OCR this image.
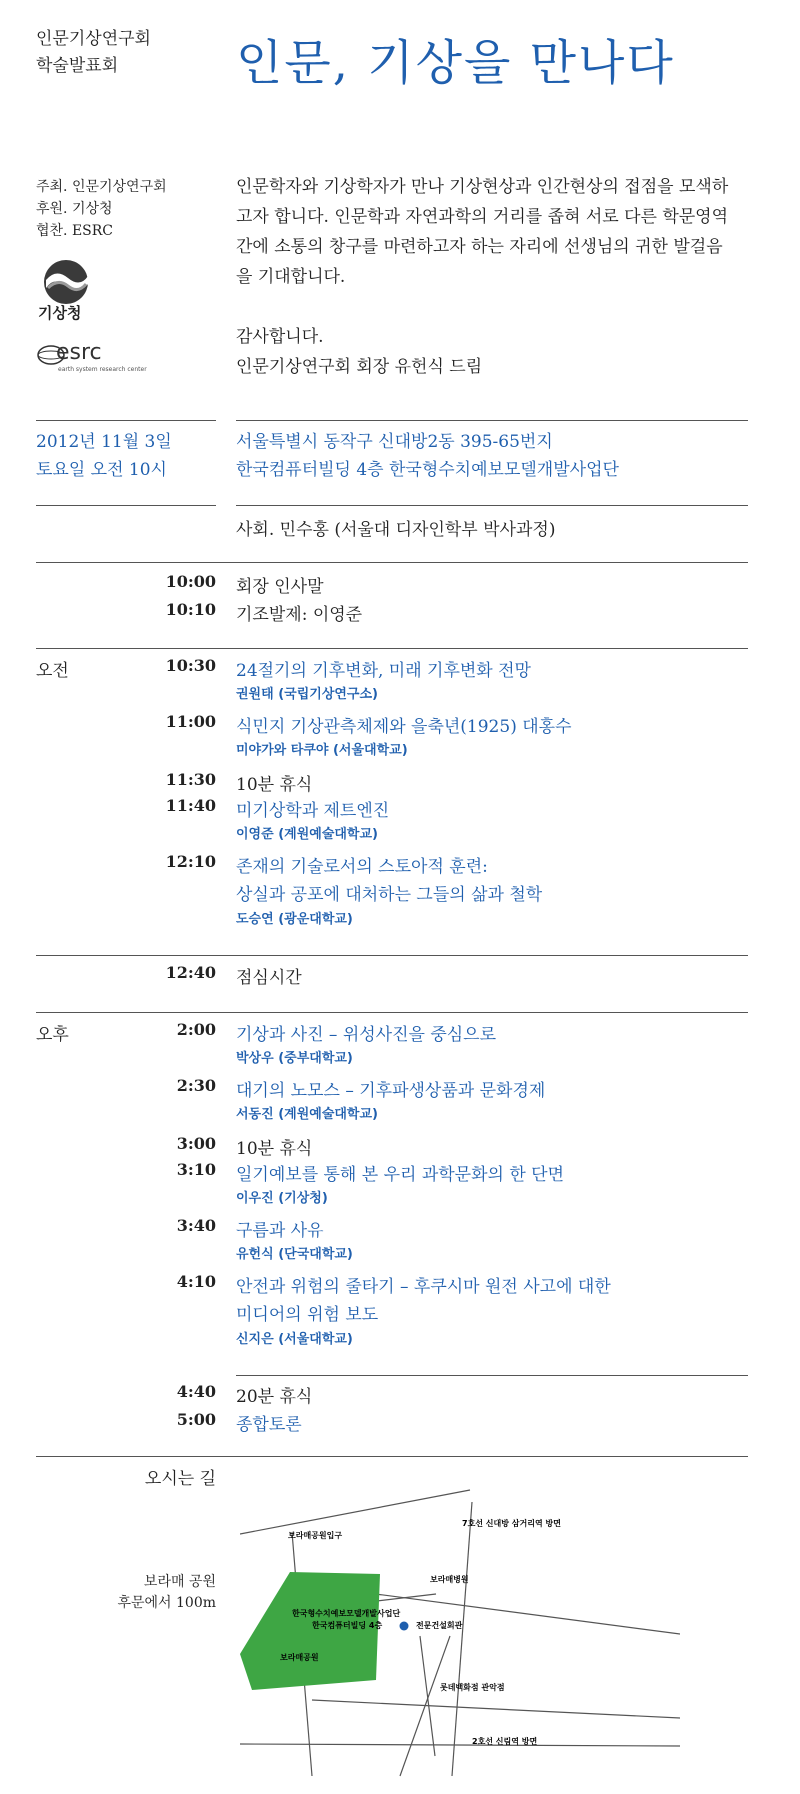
인문기상연구회
학술발표회	인문, 기상을 만나다
주최. 인문기상연구회
후원. 기상청
협찬. ESRC
기상청
esrc
earth system research center
인문학자와 기상학자가 만나 기상현상과 인간현상의 접점을 모색하고자 합니다. 인문학과 자연과학의 거리를 좁혀 서로 다른 학문영역간에 소통의 창구를 마련하고자 하는 자리에 선생님의 귀한 발걸음을 기대합니다.
감사합니다.
인문기상연구회 회장 유헌식 드림
2012년 11월 3일
토요일 오전 10시
서울특별시 동작구 신대방2동 395-65번지
한국컴퓨터빌딩 4층 한국형수치예보모델개발사업단
사회. 민수홍 (서울대 디자인학부 박사과정)
10:00 회장 인사말
10:10 기조발제: 이영준
오전	10:30 24절기의 기후변화, 미래 기후변화 전망
권원태 (국립기상연구소)
11:00 식민지 기상관측체제와 을축년(1925) 대홍수
미야가와 타쿠야 (서울대학교)
11:30 10분 휴식
11:40 미기상학과 제트엔진
이영준 (계원예술대학교)
12:10 존재의 기술로서의 스토아적 훈련:
상실과 공포에 대처하는 그들의 삶과 철학
도승연 (광운대학교)
12:40 점심시간
오후	2:00 기상과 사진 – 위성사진을 중심으로
박상우 (중부대학교)
2:30 대기의 노모스 – 기후파생상품과 문화경제
서동진 (계원예술대학교)
3:00 10분 휴식
3:10 일기예보를 통해 본 우리 과학문화의 한 단면
이우진 (기상청)
3:40 구름과 사유
유헌식 (단국대학교)
4:10 안전과 위험의 줄타기 – 후쿠시마 원전 사고에 대한
미디어의 위험 보도
신지은 (서울대학교)
4:40 20분 휴식
5:00 종합토론
오시는 길
보라매 공원
후문에서 100m
보라매공원입구
7호선 신대방 삼거리역 방면
보라매병원
한국형수치예보모델개발사업단
한국컴퓨터빌딩 4층	전문건설회관
보라매공원
롯데백화점 관악점
2호선 신림역 방면
